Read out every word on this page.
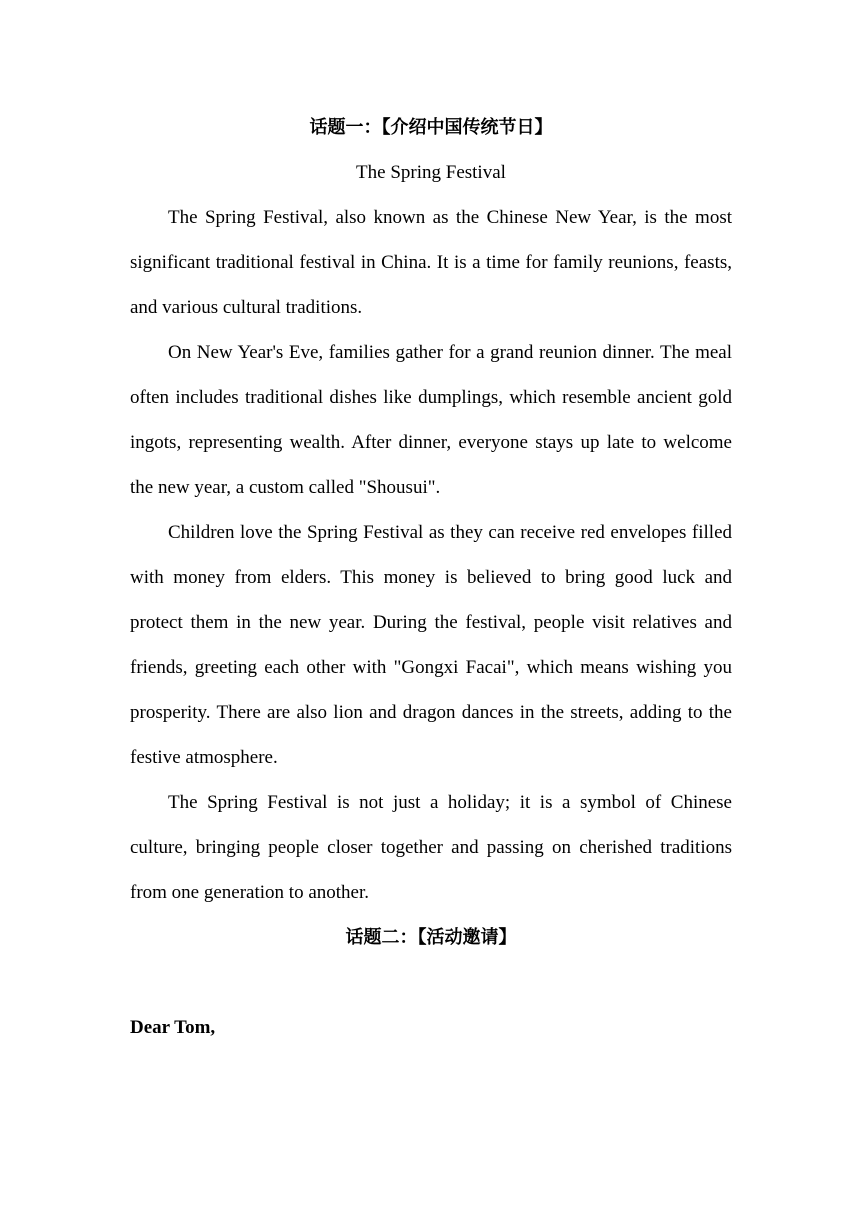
话题一：【介绍中国传统节日】
The Spring Festival

The Spring Festival, also known as the Chinese New Year, is the most significant traditional festival in China. It is a time for family reunions, feasts, and various cultural traditions.

On New Year's Eve, families gather for a grand reunion dinner. The meal often includes traditional dishes like dumplings, which resemble ancient gold ingots, representing wealth. After dinner, everyone stays up late to welcome the new year, a custom called "Shousui".

Children love the Spring Festival as they can receive red envelopes filled with money from elders. This money is believed to bring good luck and protect them in the new year. During the festival, people visit relatives and friends, greeting each other with "Gongxi Facai", which means wishing you prosperity. There are also lion and dragon dances in the streets, adding to the festive atmosphere.

The Spring Festival is not just a holiday; it is a symbol of Chinese culture, bringing people closer together and passing on cherished traditions from one generation to another.

话题二：【活动邀请】
Dear Tom,
